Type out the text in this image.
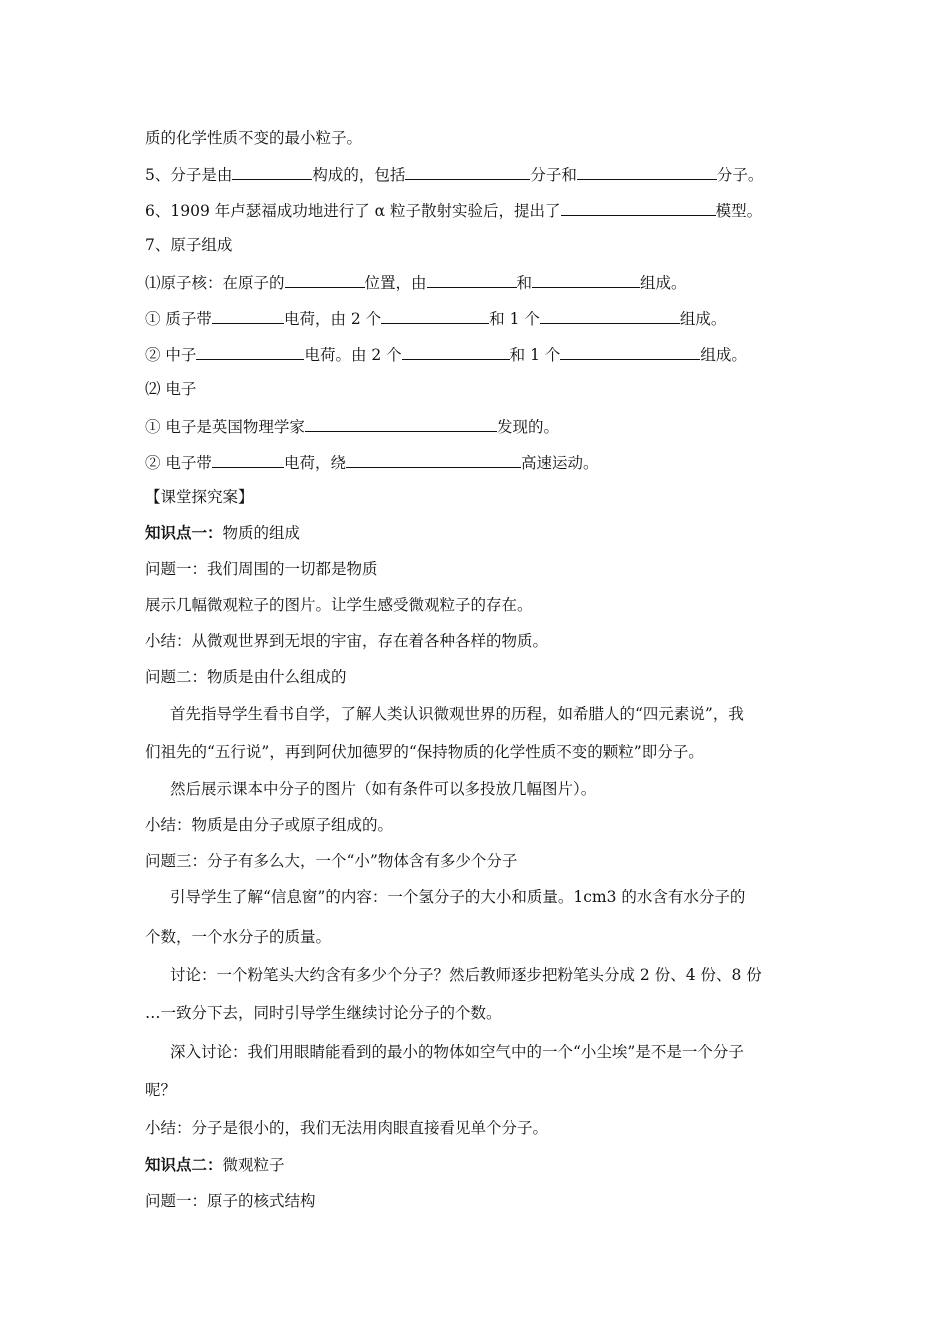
质的化学性质不变的最小粒子。
5、分子是由	构成的，包括	分子和	分子。
6、1909 年卢瑟福成功地进行了 α 粒子散射实验后，提出了	模型。
7、原子组成
⑴原子核：在原子的	位置，由	和	组成。
① 质子带	电荷，由 2 个	和 1 个	组成。
② 中子	电荷。由 2 个	和 1 个	组成。
⑵ 电子
① 电子是英国物理学家	发现的。
② 电子带	电荷，绕	高速运动。
【课堂探究案】
知识点一：物质的组成
问题一：我们周围的一切都是物质
展示几幅微观粒子的图片。让学生感受微观粒子的存在。
小结：从微观世界到无垠的宇宙，存在着各种各样的物质。
问题二：物质是由什么组成的
首先指导学生看书自学，了解人类认识微观世界的历程，如希腊人的“四元素说”，我
们祖先的“五行说”，再到阿伏加德罗的“保持物质的化学性质不变的颗粒”即分子。
然后展示课本中分子的图片（如有条件可以多投放几幅图片）。
小结：物质是由分子或原子组成的。
问题三：分子有多么大，一个“小”物体含有多少个分子
引导学生了解“信息窗”的内容：一个氢分子的大小和质量。1cm3 的水含有水分子的
个数，一个水分子的质量。
讨论：一个粉笔头大约含有多少个分子？然后教师逐步把粉笔头分成 2 份、4 份、8 份
…一致分下去，同时引导学生继续讨论分子的个数。
深入讨论：我们用眼睛能看到的最小的物体如空气中的一个“小尘埃”是不是一个分子
呢？
小结：分子是很小的，我们无法用肉眼直接看见单个分子。
知识点二：微观粒子
问题一：原子的核式结构
